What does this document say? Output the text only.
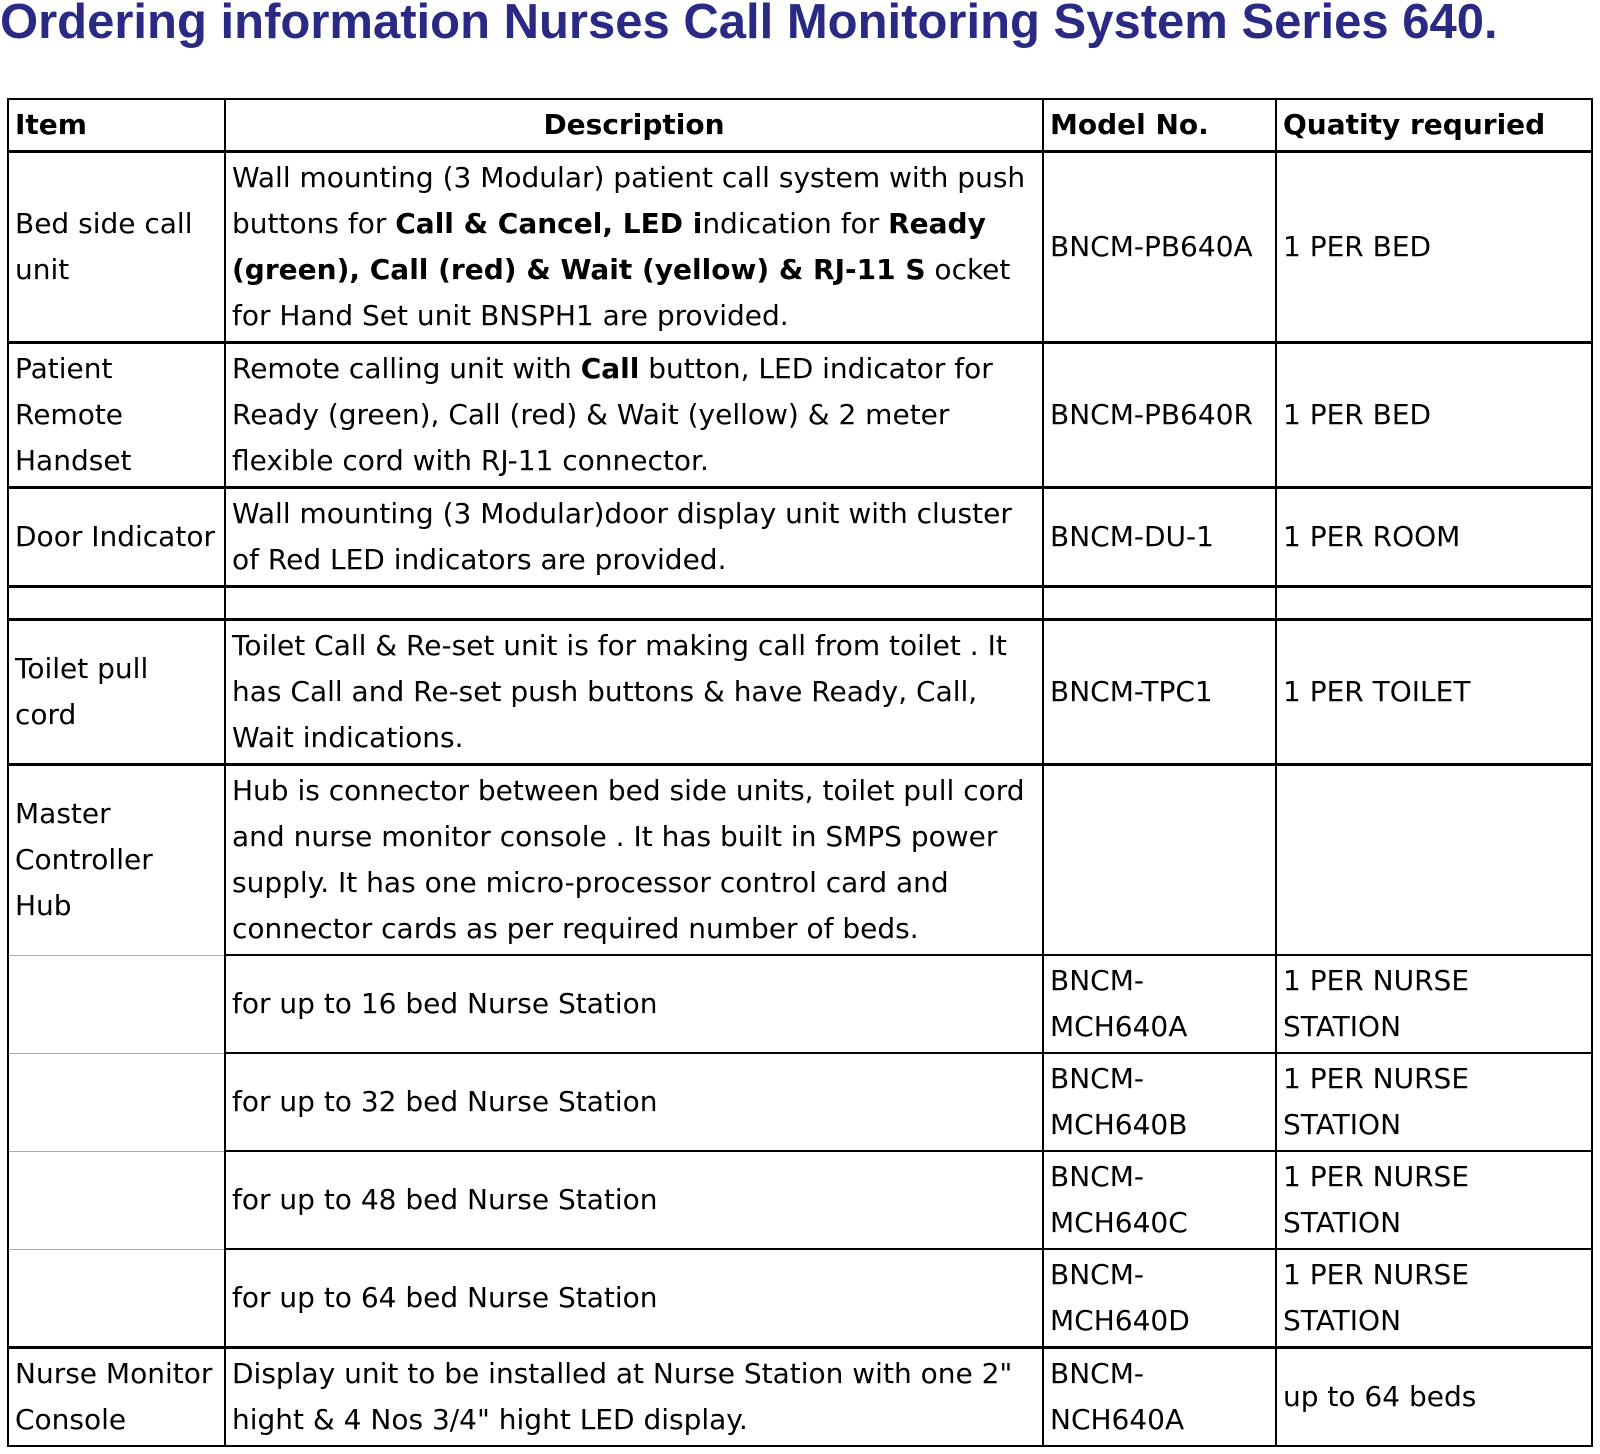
Ordering information Nurses Call Monitoring System Series 640.
Item	Description	Model No.	Quatity requried
Bed side call unit	Wall mounting (3 Modular) patient call system with push buttons for Call & Cancel, LED indication for Ready (green), Call (red) & Wait (yellow) & RJ-11 S ocket for Hand Set unit BNSPH1 are provided.	BNCM-PB640A	1 PER BED
Patient Remote Handset	Remote calling unit with Call button, LED indicator for Ready (green), Call (red) & Wait (yellow) & 2 meter flexible cord with RJ-11 connector.	BNCM-PB640R	1 PER BED
Door Indicator	Wall mounting (3 Modular)door display unit with cluster of Red LED indicators are provided.	BNCM-DU-1	1 PER ROOM

Toilet pull cord	Toilet Call & Re-set unit is for making call from toilet . It has Call and Re-set push buttons & have Ready, Call, Wait indications.	BNCM-TPC1	1 PER TOILET
Master Controller Hub	Hub is connector between bed side units, toilet pull cord and nurse monitor console . It has built in SMPS power supply. It has one micro-processor control card and connector cards as per required number of beds.		
	for up to 16 bed Nurse Station	BNCM-MCH640A	1 PER NURSE STATION
	for up to 32 bed Nurse Station	BNCM-MCH640B	1 PER NURSE STATION
	for up to 48 bed Nurse Station	BNCM-MCH640C	1 PER NURSE STATION
	for up to 64 bed Nurse Station	BNCM-MCH640D	1 PER NURSE STATION
Nurse Monitor Console	Display unit to be installed at Nurse Station with one 2" hight & 4 Nos 3/4" hight LED display.	BNCM-NCH640A	up to 64 beds
